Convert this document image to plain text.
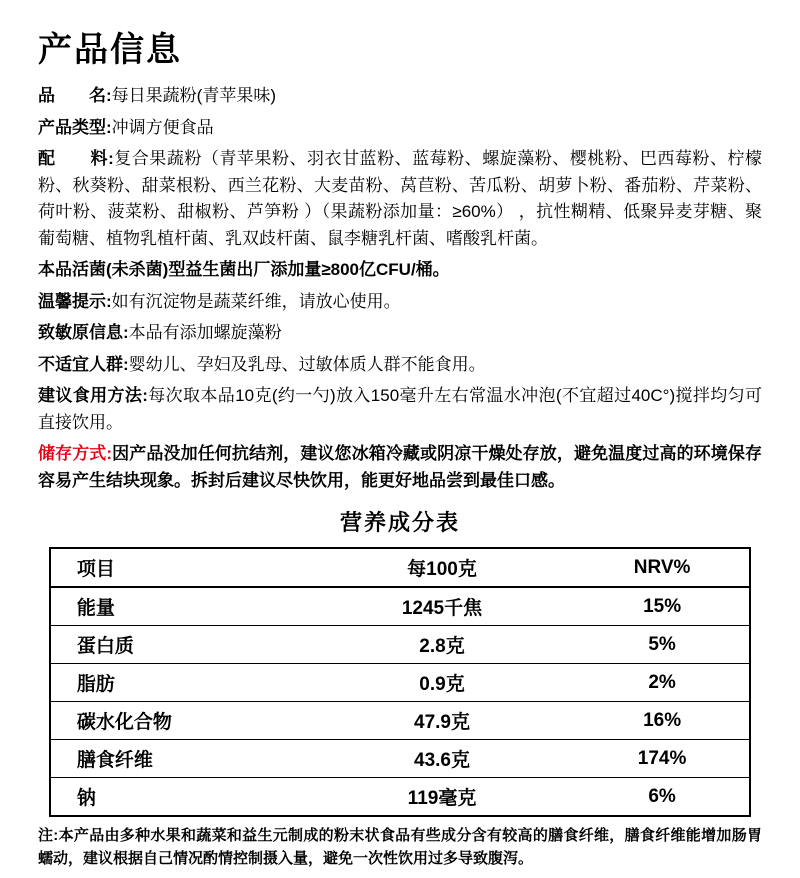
产品信息

品　　名:每日果蔬粉(青苹果味)

产品类型:冲调方便食品

配　　料:复合果蔬粉（青苹果粉、羽衣甘蓝粉、蓝莓粉、螺旋藻粉、樱桃粉、巴西莓粉、柠檬粉、秋葵粉、甜菜根粉、西兰花粉、大麦苗粉、莴苣粉、苦瓜粉、胡萝卜粉、番茄粉、芹菜粉、荷叶粉、菠菜粉、甜椒粉、芦笋粉 ）（果蔬粉添加量：≥60%） ，抗性糊精、低聚异麦芽糖、聚葡萄糖、植物乳植杆菌、乳双歧杆菌、鼠李糖乳杆菌、嗜酸乳杆菌。

本品活菌(未杀菌)型益生菌出厂添加量≥800亿CFU/桶。

温馨提示:如有沉淀物是蔬菜纤维，请放心使用。

致敏原信息:本品有添加螺旋藻粉

不适宜人群:婴幼儿、孕妇及乳母、过敏体质人群不能食用。

建议食用方法:每次取本品10克(约一勺)放入150毫升左右常温水冲泡(不宜超过40C°)搅拌均匀可直接饮用。

储存方式:因产品没加任何抗结剂，建议您冰箱冷藏或阴凉干燥处存放，避免温度过高的环境保存容易产生结块现象。拆封后建议尽快饮用，能更好地品尝到最佳口感。

营养成分表
项目	每100克	NRV%
能量	1245千焦	15%
蛋白质	2.8克	5%
脂肪	0.9克	2%
碳水化合物	47.9克	16%
膳食纤维	43.6克	174%
钠	119毫克	6%

注:本产品由多种水果和蔬菜和益生元制成的粉末状食品有些成分含有较高的膳食纤维，膳食纤维能增加肠胃蠕动，建议根据自己情况酌情控制摄入量，避免一次性饮用过多导致腹泻。
